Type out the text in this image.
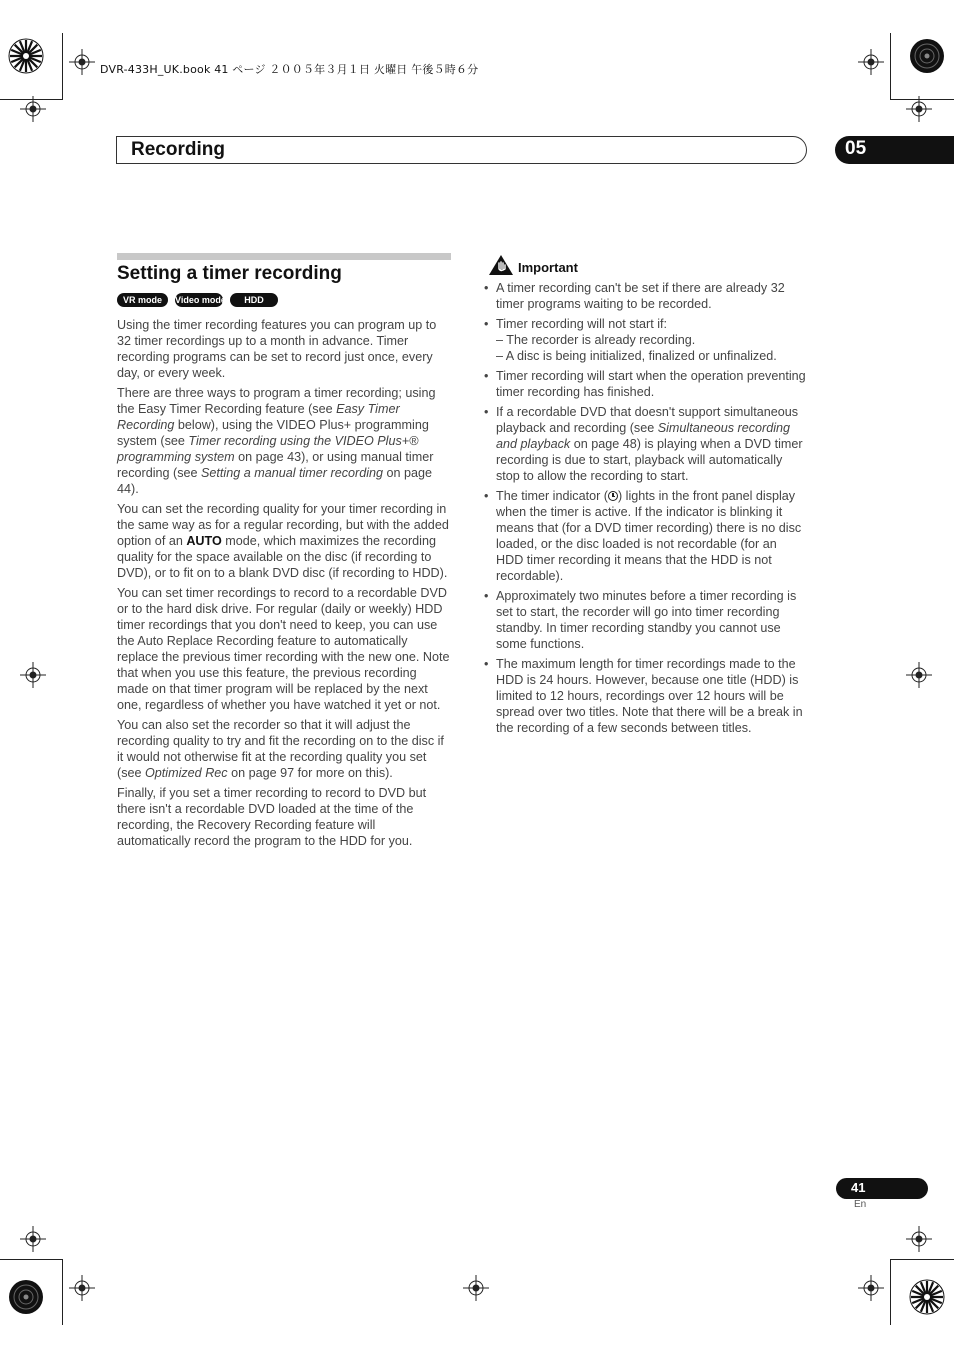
DVR-433H_UK.book 41 ページ ２００５年３月１日 火曜日 午後５時６分
Recording	05
Setting a timer recording
VR mode	Video mode	HDD

Using the timer recording features you can program up to 32 timer recordings up to a month in advance. Timer recording programs can be set to record just once, every day, or every week.

There are three ways to program a timer recording; using the Easy Timer Recording feature (see Easy Timer Recording below), using the VIDEO Plus+ programming system (see Timer recording using the VIDEO Plus+® programming system on page 43), or using manual timer recording (see Setting a manual timer recording on page 44).

You can set the recording quality for your timer recording in the same way as for a regular recording, but with the added option of an AUTO mode, which maximizes the recording quality for the space available on the disc (if recording to DVD), or to fit on to a blank DVD disc (if recording to HDD).

You can set timer recordings to record to a recordable DVD or to the hard disk drive. For regular (daily or weekly) HDD timer recordings that you don't need to keep, you can use the Auto Replace Recording feature to automatically replace the previous timer recording with the new one. Note that when you use this feature, the previous recording made on that timer program will be replaced by the next one, regardless of whether you have watched it yet or not.

You can also set the recorder so that it will adjust the recording quality to try and fit the recording on to the disc if it would not otherwise fit at the recording quality you set (see Optimized Rec on page 97 for more on this).

Finally, if you set a timer recording to record to DVD but there isn't a recordable DVD loaded at the time of the recording, the Recovery Recording feature will automatically record the program to the HDD for you.

Important
• A timer recording can't be set if there are already 32 timer programs waiting to be recorded.
• Timer recording will not start if:
– The recorder is already recording.
– A disc is being initialized, finalized or unfinalized.
• Timer recording will start when the operation preventing timer recording has finished.
• If a recordable DVD that doesn't support simultaneous playback and recording (see Simultaneous recording and playback on page 48) is playing when a DVD timer recording is due to start, playback will automatically stop to allow the recording to start.
• The timer indicator ( ) lights in the front panel display when the timer is active. If the indicator is blinking it means that (for a DVD timer recording) there is no disc loaded, or the disc loaded is not recordable (for an HDD timer recording it means that the HDD is not recordable).
• Approximately two minutes before a timer recording is set to start, the recorder will go into timer recording standby. In timer recording standby you cannot use some functions.
• The maximum length for timer recordings made to the HDD is 24 hours. However, because one title (HDD) is limited to 12 hours, recordings over 12 hours will be spread over two titles. Note that there will be a break in the recording of a few seconds between titles.
41
En
